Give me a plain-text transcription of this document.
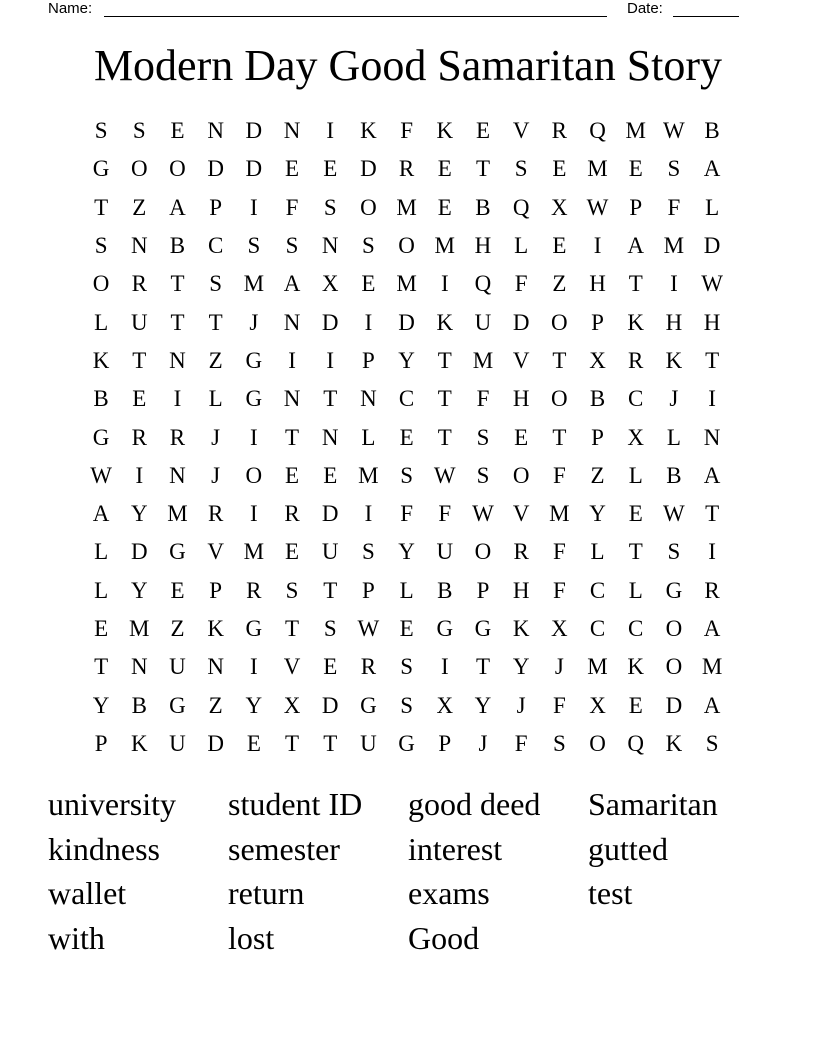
Name:	Date:
Modern Day Good Samaritan Story
S	S	E N D N	I	K	F	K E V R Q M W B
G O O D D E	E D R	E	T	S	E M E	S	A
T	Z A	P	I	F	S	O M E	B Q X W P	F	L
S	N B C	S	S	N	S	O M H L	E	I	A M D
O R	T	S M A X E M	I	Q	F	Z H T	I	W
L U T	T	J	N D	I	D K U D O	P	K H H
K T N Z G	I	I	P	Y T M V T X R K T
B	E	I	L G N T N C	T	F	H O B C	J	I
G R R	J	I	T N L	E	T	S	E	T	P	X L N
W	I	N	J	O E	E M S W S	O	F	Z	L	B A
A Y M R	I	R D	I	F	F W V M Y E W T
L D G V M E U	S	Y U O R	F	L	T	S	I
L Y E	P	R	S	T	P	L	B	P	H	F	C	L G R
E M Z K G T	S W E G G K X C C O A
T N U N	I	V E	R	S	I	T Y	J	M K O M
Y B G Z Y X D G	S	X Y	J	F	X E D A
P	K U D E	T	T U G	P	J	F	S	O Q K	S
university	student ID	good deed	Samaritan
kindness	semester	interest	gutted
wallet	return	exams	test
with	lost	Good
